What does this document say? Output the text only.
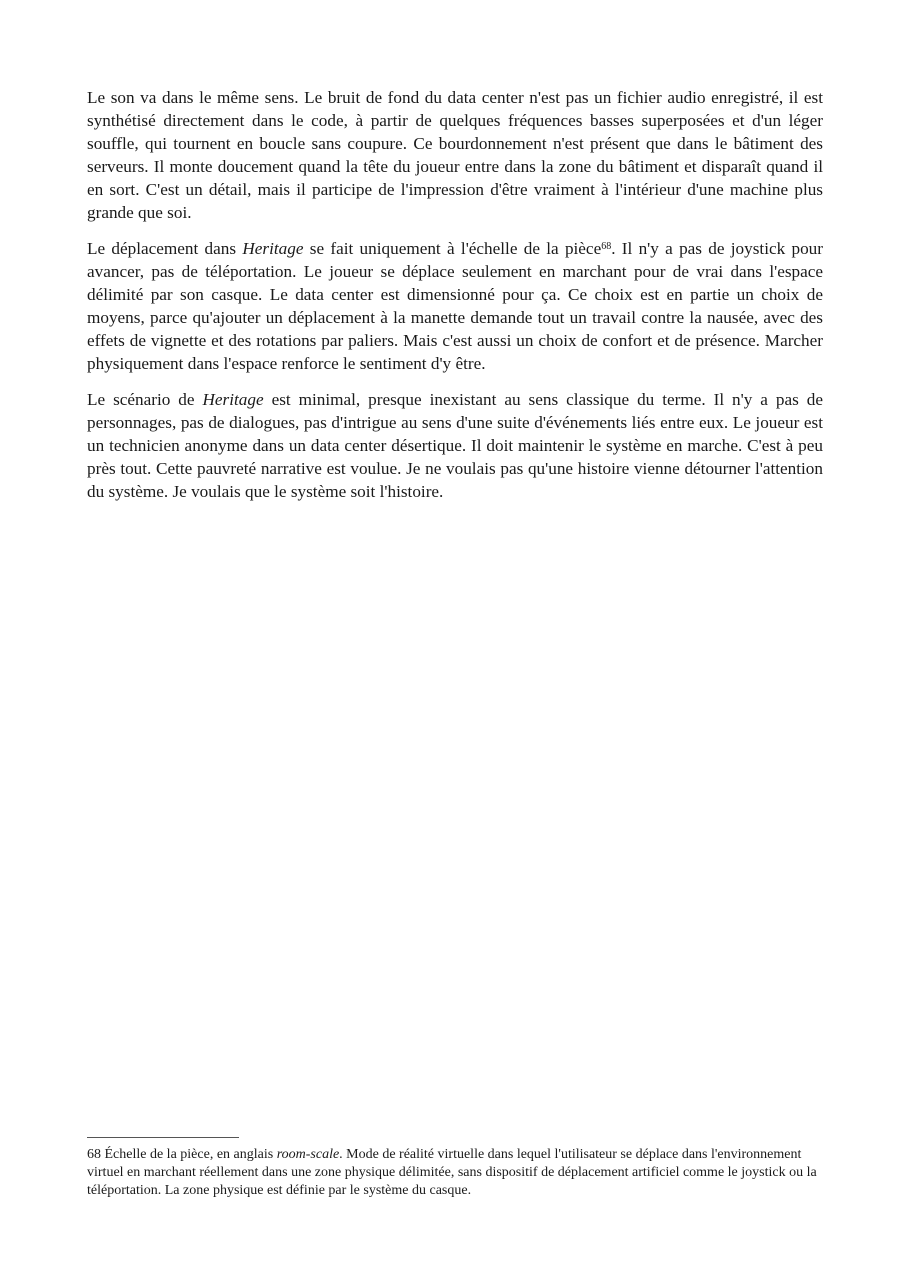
Le son va dans le même sens. Le bruit de fond du data center n'est pas un fichier audio enregistré, il est synthétisé directement dans le code, à partir de quelques fréquences basses superposées et d'un léger souffle, qui tournent en boucle sans coupure. Ce bourdonnement n'est présent que dans le bâtiment des serveurs. Il monte doucement quand la tête du joueur entre dans la zone du bâtiment et disparaît quand il en sort. C'est un détail, mais il participe de l'impression d'être vraiment à l'intérieur d'une machine plus grande que soi.

Le déplacement dans Heritage se fait uniquement à l'échelle de la pièce$^{68}$. Il n'y a pas de joystick pour avancer, pas de téléportation. Le joueur se déplace seulement en marchant pour de vrai dans l'espace délimité par son casque. Le data center est dimensionné pour ça. Ce choix est en partie un choix de moyens, parce qu'ajouter un déplacement à la manette demande tout un travail contre la nausée, avec des effets de vignette et des rotations par paliers. Mais c'est aussi un choix de confort et de présence. Marcher physiquement dans l'espace renforce le sentiment d'y être.

Le scénario de Heritage est minimal, presque inexistant au sens classique du terme. Il n'y a pas de personnages, pas de dialogues, pas d'intrigue au sens d'une suite d'événements liés entre eux. Le joueur est un technicien anonyme dans un data center désertique. Il doit maintenir le système en marche. C'est à peu près tout. Cette pauvreté narrative est voulue. Je ne voulais pas qu'une histoire vienne détourner l'attention du système. Je voulais que le système soit l'histoire.

68 Échelle de la pièce, en anglais room-scale. Mode de réalité virtuelle dans lequel l'utilisateur se déplace dans l'environnement virtuel en marchant réellement dans une zone physique délimitée, sans dispositif de déplacement artificiel comme le joystick ou la téléportation. La zone physique est définie par le système du casque.
